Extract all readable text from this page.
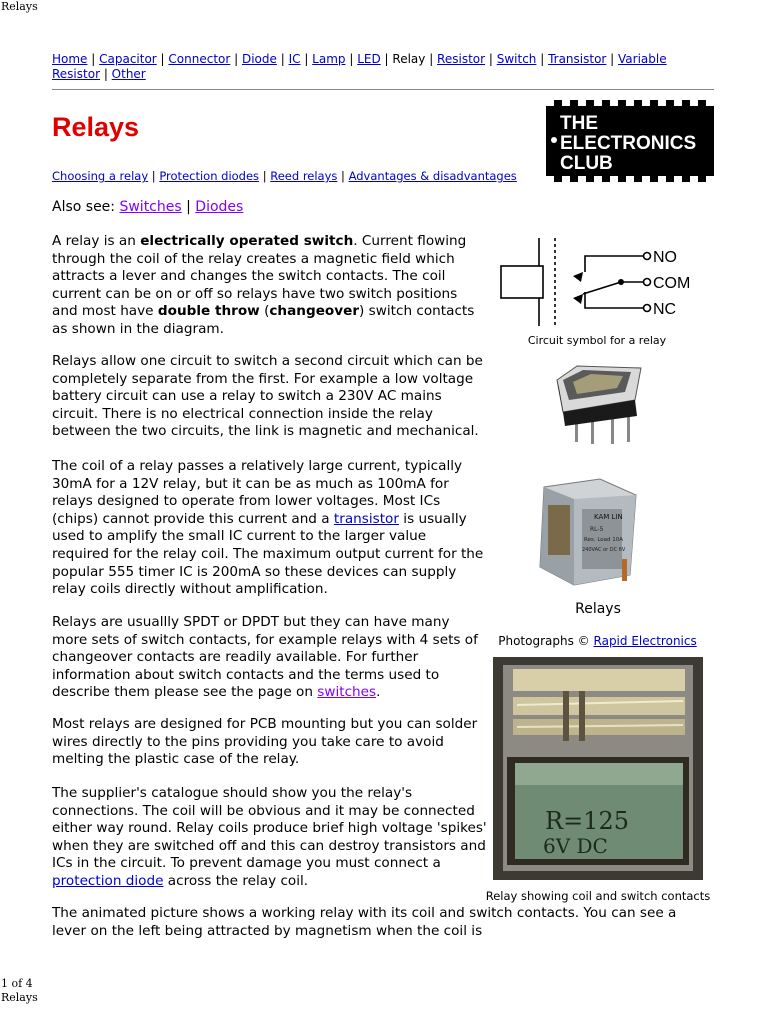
Relays
Home | Capacitor | Connector | Diode | IC | Lamp | LED | Relay | Resistor | Switch | Transistor | Variable Resistor | Other
THE
ELECTRONICS
CLUB
Relays
Choosing a relay | Protection diodes | Reed relays | Advantages & disadvantages
Also see: Switches | Diodes
A relay is an electrically operated switch. Current flowing through the coil of the relay creates a magnetic field which attracts a lever and changes the switch contacts. The coil current can be on or off so relays have two switch positions and most have double throw (changeover) switch contacts as shown in the diagram.
Relays allow one circuit to switch a second circuit which can be completely separate from the first. For example a low voltage battery circuit can use a relay to switch a 230V AC mains circuit. There is no electrical connection inside the relay between the two circuits, the link is magnetic and mechanical.
The coil of a relay passes a relatively large current, typically 30mA for a 12V relay, but it can be as much as 100mA for relays designed to operate from lower voltages. Most ICs (chips) cannot provide this current and a transistor is usually used to amplify the small IC current to the larger value required for the relay coil. The maximum output current for the popular 555 timer IC is 200mA so these devices can supply relay coils directly without amplification.
Relays are usuallly SPDT or DPDT but they can have many more sets of switch contacts, for example relays with 4 sets of changeover contacts are readily available. For further information about switch contacts and the terms used to describe them please see the page on switches.
Most relays are designed for PCB mounting but you can solder wires directly to the pins providing you take care to avoid melting the plastic case of the relay.
The supplier's catalogue should show you the relay's connections. The coil will be obvious and it may be connected either way round. Relay coils produce brief high voltage 'spikes' when they are switched off and this can destroy transistors and ICs in the circuit. To prevent damage you must connect a protection diode across the relay coil.
The animated picture shows a working relay with its coil and switch contacts. You can see a lever on the left being attracted by magnetism when the coil is
NO
COM
NC
Circuit symbol for a relay
KAM LIN
RL-5
Res. Load 10A
240VAC or DC 6V
Relays
Photographs © Rapid Electronics
R=125
6V DC
Relay showing coil and switch contacts
1 of 4
Relays
